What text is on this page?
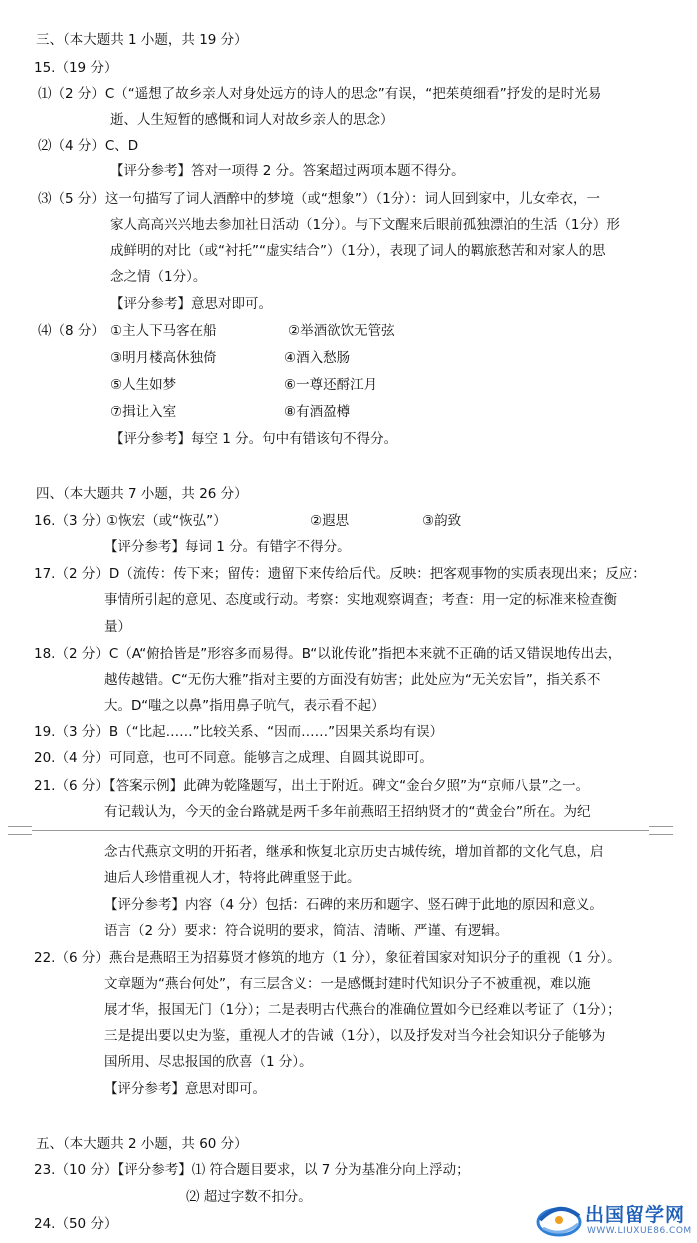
三、（本大题共 1 小题，共 19 分）
15.（19 分）
⑴（2 分）C（“遥想了故乡亲人对身处远方的诗人的思念”有误，“把茱萸细看”抒发的是时光易
逝、人生短暂的感慨和词人对故乡亲人的思念）
⑵（4 分）C、D
【评分参考】答对一项得 2 分。答案超过两项本题不得分。
⑶（5 分）这一句描写了词人酒醉中的梦境（或“想象”）（1分）：词人回到家中，儿女牵衣，一
家人高高兴兴地去参加社日活动（1分）。与下文醒来后眼前孤独漂泊的生活（1分）形
成鲜明的对比（或“衬托”“虚实结合”）（1分），表现了词人的羁旅愁苦和对家人的思
念之情（1分）。
【评分参考】意思对即可。
⑷（8 分） ①主人下马客在船	②举酒欲饮无管弦
③明月楼高休独倚	④酒入愁肠
⑤人生如梦	⑥一尊还酹江月
⑦揖让入室	⑧有酒盈樽
【评分参考】每空 1 分。句中有错该句不得分。
四、（本大题共 7 小题，共 26 分）
16.（3 分）
①恢宏（或“恢弘”）	②遐思	③韵致
【评分参考】每词 1 分。有错字不得分。
17.（2 分）D（流传：传下来；留传：遗留下来传给后代。反映：把客观事物的实质表现出来；反应：
事情所引起的意见、态度或行动。考察：实地观察调查；考查：用一定的标准来检查衡
量）
18.（2 分）C（A“俯拾皆是”形容多而易得。B“以讹传讹”指把本来就不正确的话又错误地传出去，
越传越错。C“无伤大雅”指对主要的方面没有妨害；此处应为“无关宏旨”，指关系不
大。D“嗤之以鼻”指用鼻子吭气，表示看不起）
19.（3 分）B（“比起……”比较关系、“因而……”因果关系均有误）
20.（4 分）可同意，也可不同意。能够言之成理、自圆其说即可。
21.（6 分）【答案示例】此碑为乾隆题写，出土于附近。碑文“金台夕照”为“京师八景”之一。
有记载认为，今天的金台路就是两千多年前燕昭王招纳贤才的“黄金台”所在。为纪
念古代燕京文明的开拓者，继承和恢复北京历史古城传统，增加首都的文化气息，启
迪后人珍惜重视人才，特将此碑重竖于此。
【评分参考】内容（4 分）包括：石碑的来历和题字、竖石碑于此地的原因和意义。
语言（2 分）要求：符合说明的要求，简洁、清晰、严谨、有逻辑。
22.（6 分）燕台是燕昭王为招募贤才修筑的地方（1 分），象征着国家对知识分子的重视（1 分）。
文章题为“燕台何处”，有三层含义：一是感慨封建时代知识分子不被重视，难以施
展才华，报国无门（1分）；二是表明古代燕台的准确位置如今已经难以考证了（1分）；
三是提出要以史为鉴，重视人才的告诫（1分），以及抒发对当今社会知识分子能够为
国所用、尽忠报国的欣喜（1 分）。
【评分参考】意思对即可。
五、（本大题共 2 小题，共 60 分）
23.（10 分）【评分参考】⑴ 符合题目要求，以 7 分为基准分向上浮动；
⑵ 超过字数不扣分。
24.（50 分）	出国留学网
WWW.LIUXUE86.COM
